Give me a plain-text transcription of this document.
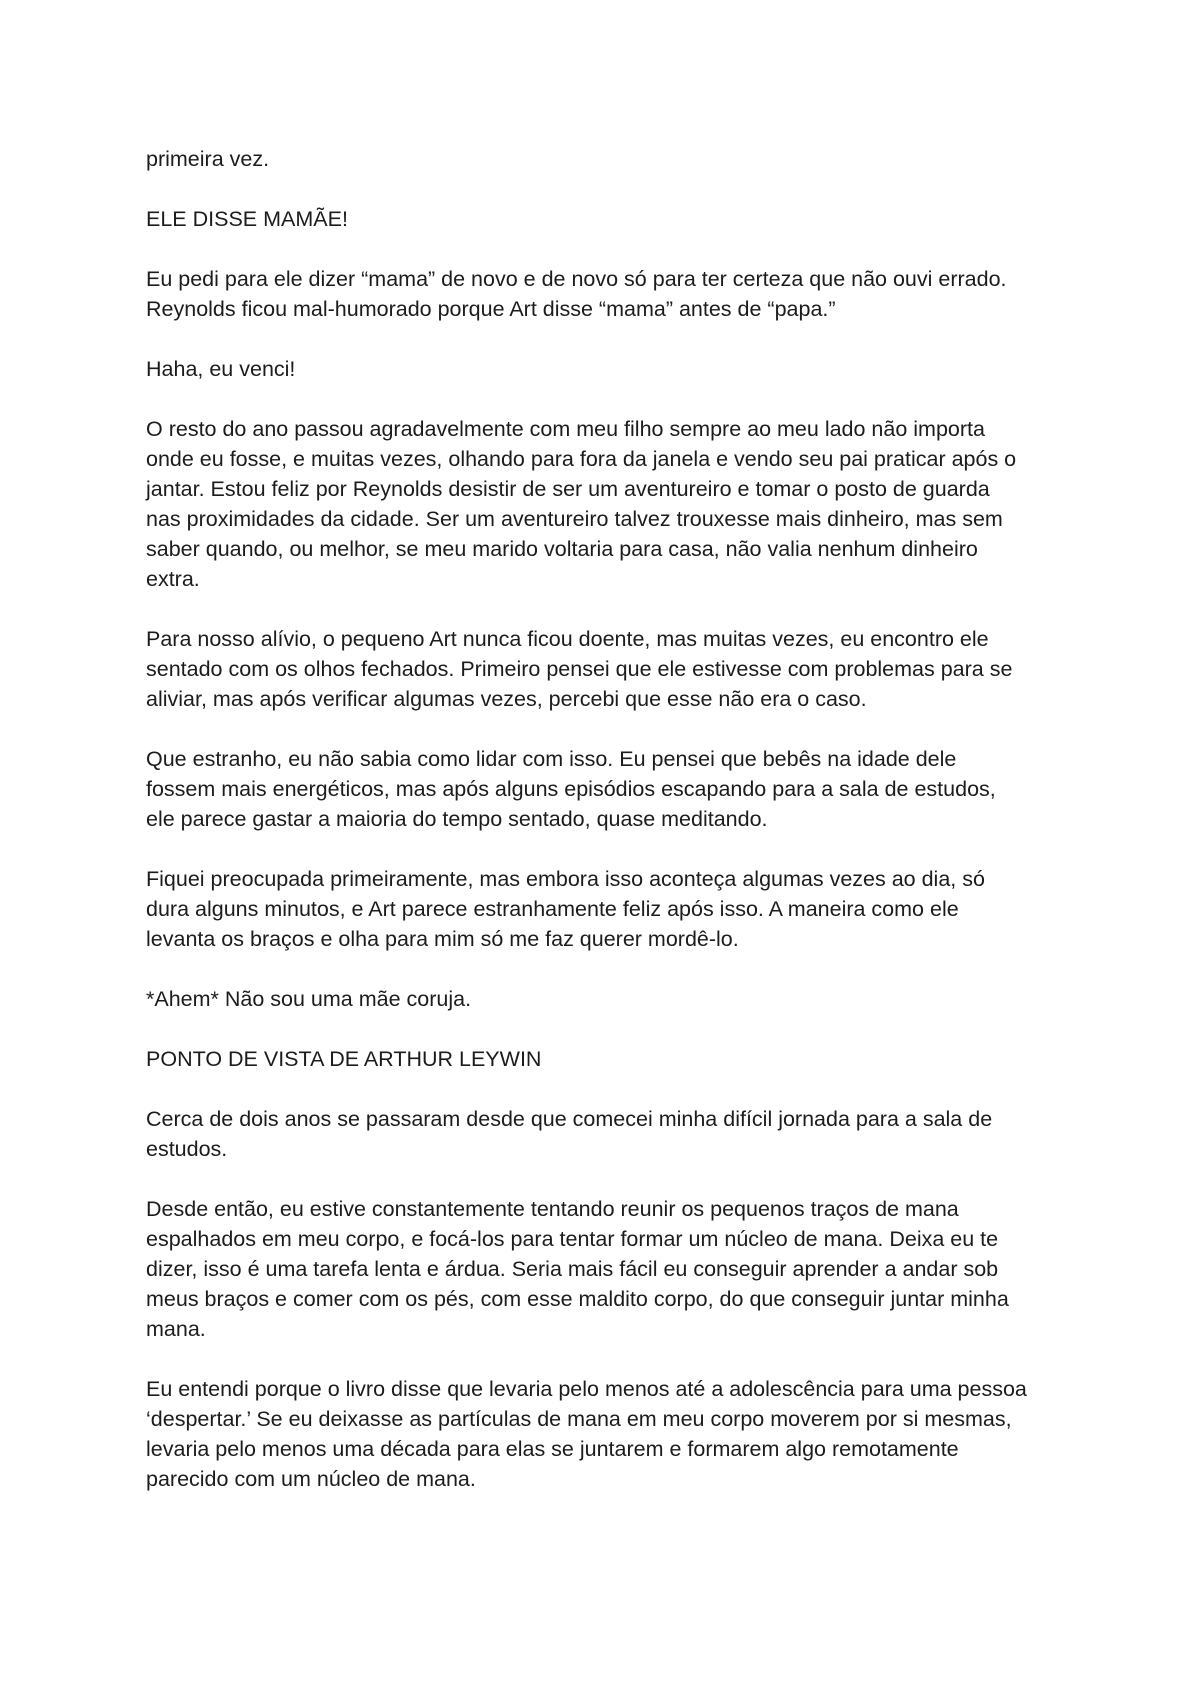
primeira vez.

ELE DISSE MAMÃE!

Eu pedi para ele dizer “mama” de novo e de novo só para ter certeza que não ouvi errado.
Reynolds ficou mal-humorado porque Art disse “mama” antes de “papa.”

Haha, eu venci!

O resto do ano passou agradavelmente com meu filho sempre ao meu lado não importa
onde eu fosse, e muitas vezes, olhando para fora da janela e vendo seu pai praticar após o
jantar. Estou feliz por Reynolds desistir de ser um aventureiro e tomar o posto de guarda
nas proximidades da cidade. Ser um aventureiro talvez trouxesse mais dinheiro, mas sem
saber quando, ou melhor, se meu marido voltaria para casa, não valia nenhum dinheiro
extra.

Para nosso alívio, o pequeno Art nunca ficou doente, mas muitas vezes, eu encontro ele
sentado com os olhos fechados. Primeiro pensei que ele estivesse com problemas para se
aliviar, mas após verificar algumas vezes, percebi que esse não era o caso.

Que estranho, eu não sabia como lidar com isso. Eu pensei que bebês na idade dele
fossem mais energéticos, mas após alguns episódios escapando para a sala de estudos,
ele parece gastar a maioria do tempo sentado, quase meditando.

Fiquei preocupada primeiramente, mas embora isso aconteça algumas vezes ao dia, só
dura alguns minutos, e Art parece estranhamente feliz após isso. A maneira como ele
levanta os braços e olha para mim só me faz querer mordê-lo.

*Ahem* Não sou uma mãe coruja.

PONTO DE VISTA DE ARTHUR LEYWIN

Cerca de dois anos se passaram desde que comecei minha difícil jornada para a sala de
estudos.

Desde então, eu estive constantemente tentando reunir os pequenos traços de mana
espalhados em meu corpo, e focá-los para tentar formar um núcleo de mana. Deixa eu te
dizer, isso é uma tarefa lenta e árdua. Seria mais fácil eu conseguir aprender a andar sob
meus braços e comer com os pés, com esse maldito corpo, do que conseguir juntar minha
mana.

Eu entendi porque o livro disse que levaria pelo menos até a adolescência para uma pessoa
‘despertar.’ Se eu deixasse as partículas de mana em meu corpo moverem por si mesmas,
levaria pelo menos uma década para elas se juntarem e formarem algo remotamente
parecido com um núcleo de mana.
